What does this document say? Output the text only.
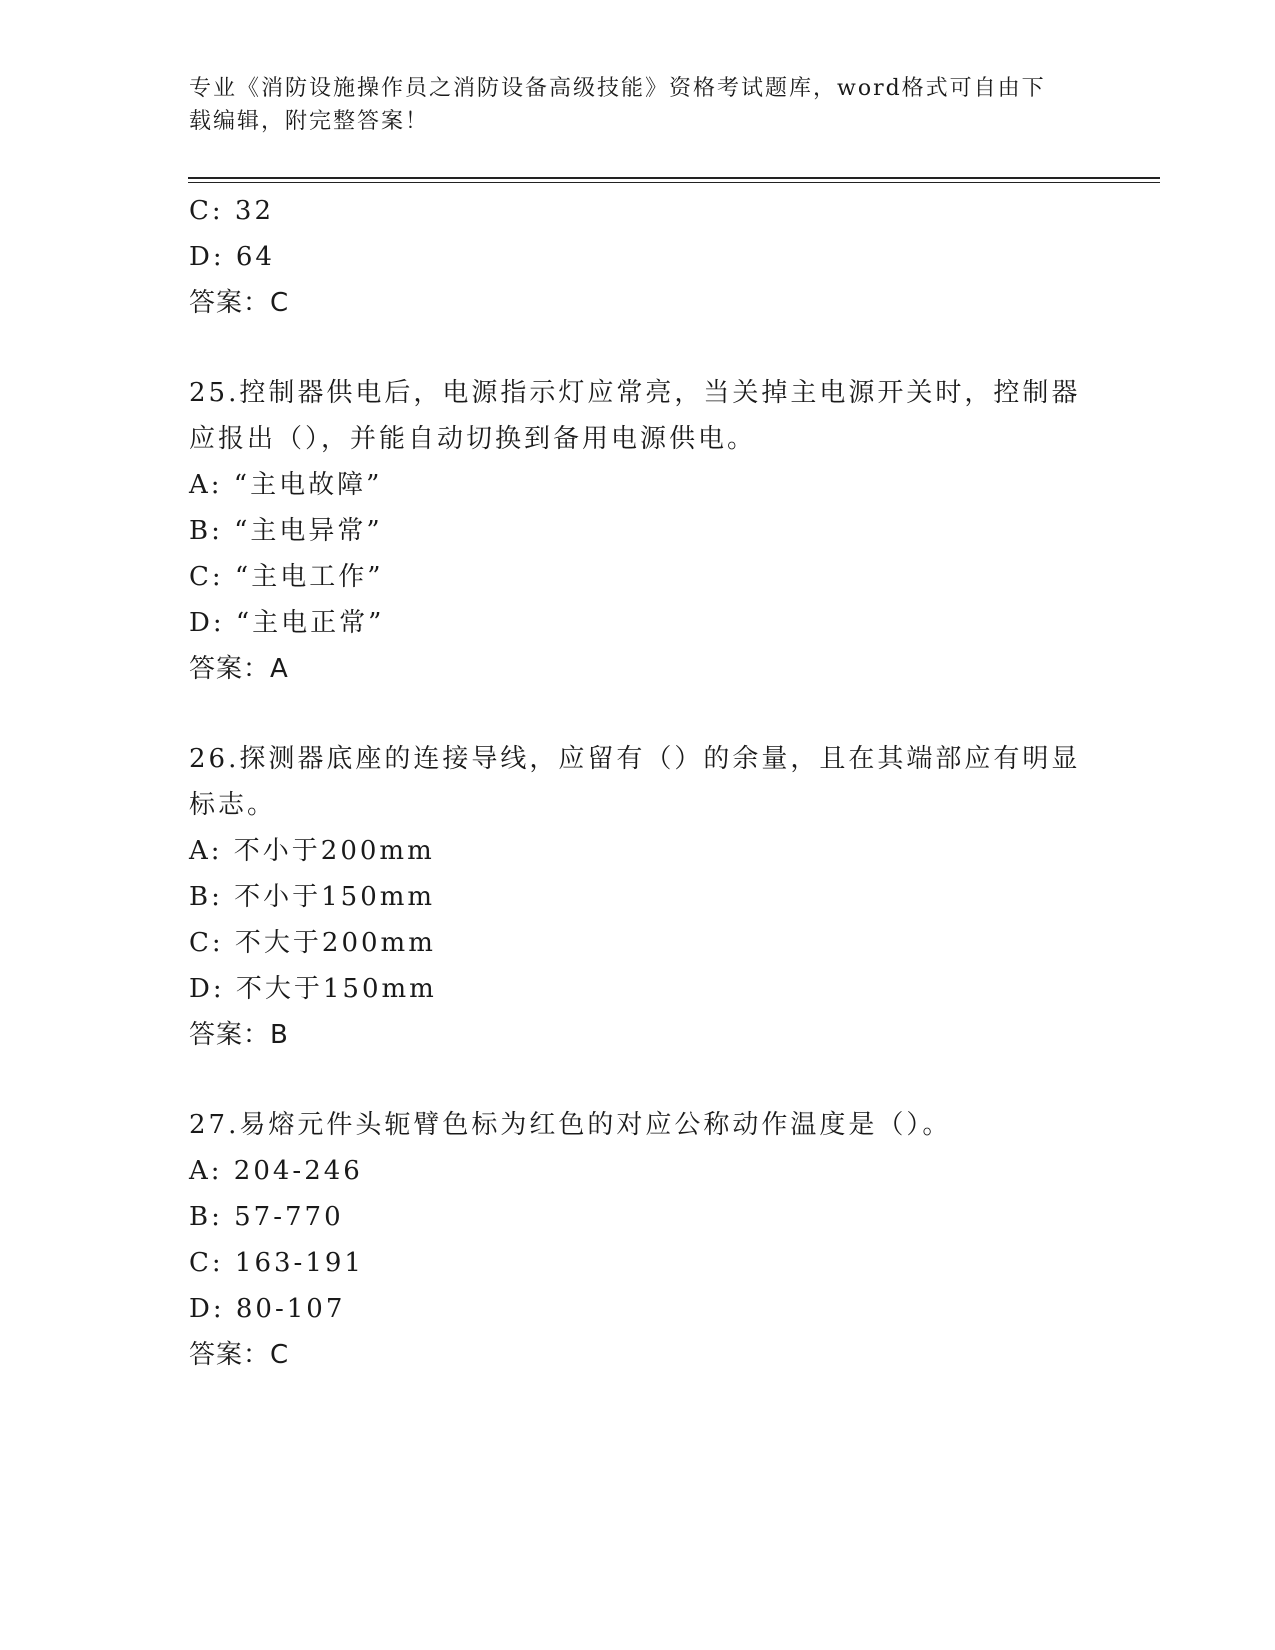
专业《消防设施操作员之消防设备高级技能》资格考试题库，word格式可自由下
载编辑，附完整答案！
C: 32
D: 64
答案：C
25.控制器供电后，电源指示灯应常亮，当关掉主电源开关时，控制器
应报出（），并能自动切换到备用电源供电。
A: “主电故障”
B: “主电异常”
C: “主电工作”
D: “主电正常”
答案：A
26.探测器底座的连接导线，应留有（）的余量，且在其端部应有明显
标志。
A: 不小于200mm
B: 不小于150mm
C: 不大于200mm
D: 不大于150mm
答案：B
27.易熔元件头轭臂色标为红色的对应公称动作温度是（）。
A: 204-246
B: 57-770
C: 163-191
D: 80-107
答案：C
